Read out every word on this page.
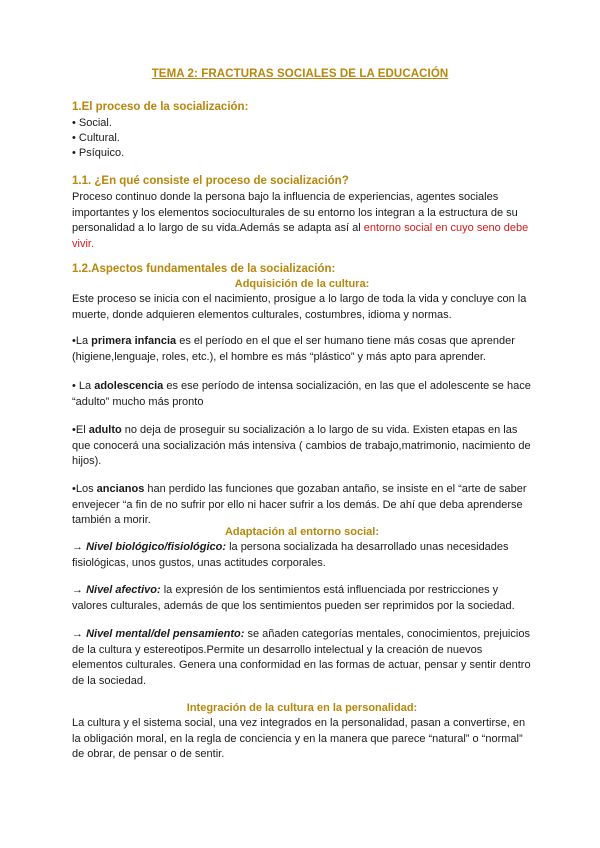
TEMA 2: FRACTURAS SOCIALES DE LA EDUCACIÓN
1.El proceso de la socialización:
• Social.
• Cultural.
• Psíquico.
1.1. ¿En qué consiste el proceso de socialización?
Proceso continuo donde la persona bajo la influencia de experiencias, agentes sociales importantes y los elementos socioculturales de su entorno los integran a la estructura de su personalidad a lo largo de su vida.Además se adapta así al entorno social en cuyo seno debe vivir.
1.2.Aspectos fundamentales de la socialización:
Adquisición de la cultura:
Este proceso se inicia con el nacimiento, prosigue a lo largo de toda la vida y concluye con la muerte, donde adquieren elementos culturales, costumbres, idioma y normas.
•La primera infancia es el período en el que el ser humano tiene más cosas que aprender (higiene,lenguaje, roles, etc.), el hombre es más “plástico” y más apto para aprender.
• La adolescencia es ese período de intensa socialización, en las que el adolescente se hace “adulto” mucho más pronto
•El adulto no deja de proseguir su socialización a lo largo de su vida. Existen etapas en las que conocerá una socialización más intensiva ( cambios de trabajo,matrimonio, nacimiento de hijos).
•Los ancianos han perdido las funciones que gozaban antaño, se insiste en el “arte de saber envejecer “a fin de no sufrir por ello ni hacer sufrir a los demás. De ahí que deba aprenderse también a morir.
Adaptación al entorno social:
→ Nivel biológico/fisiológico: la persona socializada ha desarrollado unas necesidades fisiológicas, unos gustos, unas actitudes corporales.
→ Nivel afectivo: la expresión de los sentimientos está influenciada por restricciones y valores culturales, además de que los sentimientos pueden ser reprimidos por la sociedad.
→ Nivel mental/del pensamiento: se añaden categorías mentales, conocimientos, prejuicios de la cultura y estereotipos.Permite un desarrollo intelectual y la creación de nuevos elementos culturales. Genera una conformidad en las formas de actuar, pensar y sentir dentro de la sociedad.
Integración de la cultura en la personalidad:
La cultura y el sistema social, una vez integrados en la personalidad, pasan a convertirse, en la obligación moral, en la regla de conciencia y en la manera que parece “natural” o “normal” de obrar, de pensar o de sentir.
